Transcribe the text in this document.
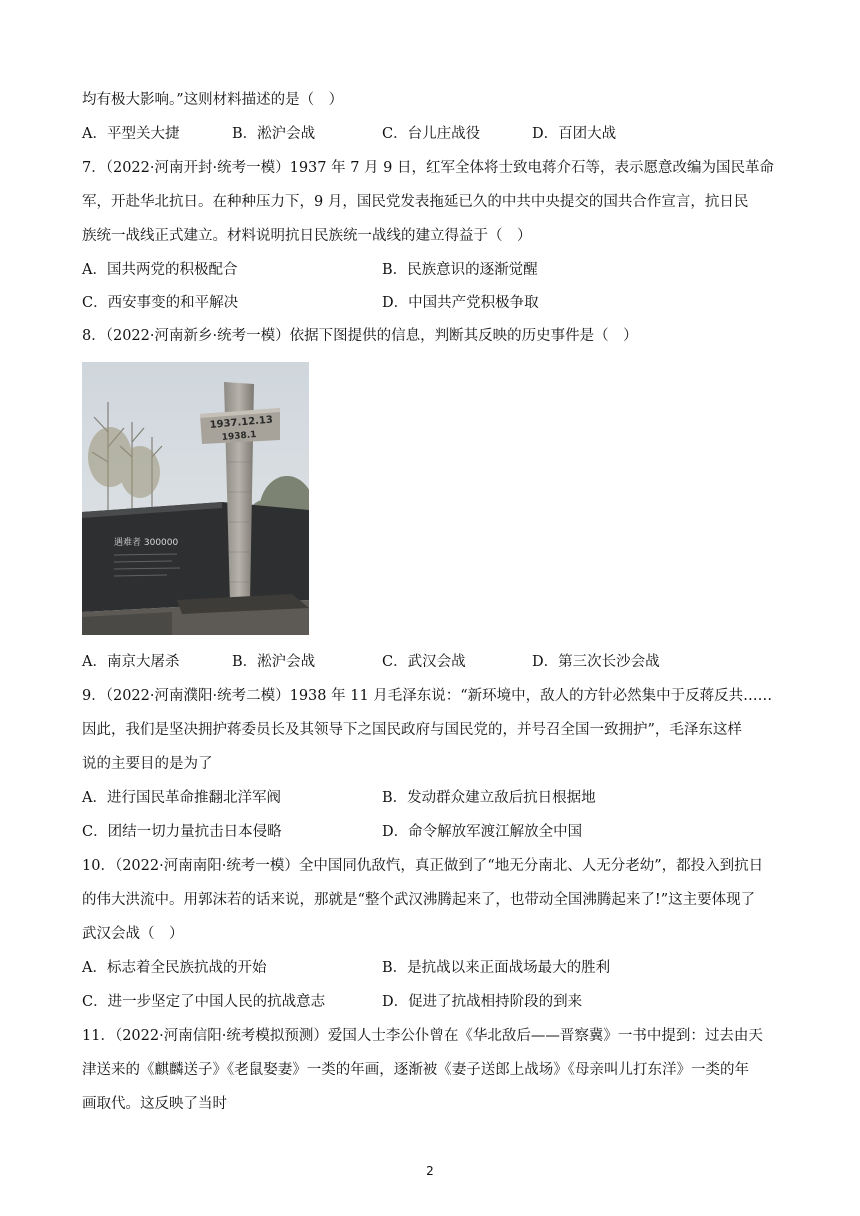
均有极大影响。”这则材料描述的是（　）
A．平型关大捷	B．淞沪会战	C．台儿庄战役	D．百团大战
7．（2022·河南开封·统考一模）1937 年 7 月 9 日，红军全体将士致电蒋介石等，表示愿意改编为国民革命
军，开赴华北抗日。在种种压力下，9 月，国民党发表拖延已久的中共中央提交的国共合作宣言，抗日民
族统一战线正式建立。材料说明抗日民族统一战线的建立得益于（　）
A．国共两党的积极配合	B．民族意识的逐渐觉醒
C．西安事变的和平解决	D．中国共产党积极争取
8．（2022·河南新乡·统考一模）依据下图提供的信息，判断其反映的历史事件是（　）
遇难者 300000
1937.12.13
1938.1
A．南京大屠杀	B．淞沪会战	C．武汉会战	D．第三次长沙会战
9．（2022·河南濮阳·统考二模）1938 年 11 月毛泽东说：“新环境中，敌人的方针必然集中于反蒋反共……
因此，我们是坚决拥护蒋委员长及其领导下之国民政府与国民党的，并号召全国一致拥护”，毛泽东这样
说的主要目的是为了
A．进行国民革命推翻北洋军阀	B．发动群众建立敌后抗日根据地
C．团结一切力量抗击日本侵略	D．命令解放军渡江解放全中国
10．（2022·河南南阳·统考一模）全中国同仇敌忾，真正做到了“地无分南北、人无分老幼”，都投入到抗日
的伟大洪流中。用郭沫若的话来说，那就是“整个武汉沸腾起来了，也带动全国沸腾起来了!”这主要体现了
武汉会战（　）
A．标志着全民族抗战的开始	B．是抗战以来正面战场最大的胜利
C．进一步坚定了中国人民的抗战意志	D．促进了抗战相持阶段的到来
11．（2022·河南信阳·统考模拟预测）爱国人士李公仆曾在《华北敌后——晋察冀》一书中提到：过去由天
津送来的《麒麟送子》《老鼠娶妻》一类的年画，逐渐被《妻子送郎上战场》《母亲叫儿打东洋》一类的年
画取代。这反映了当时
2
